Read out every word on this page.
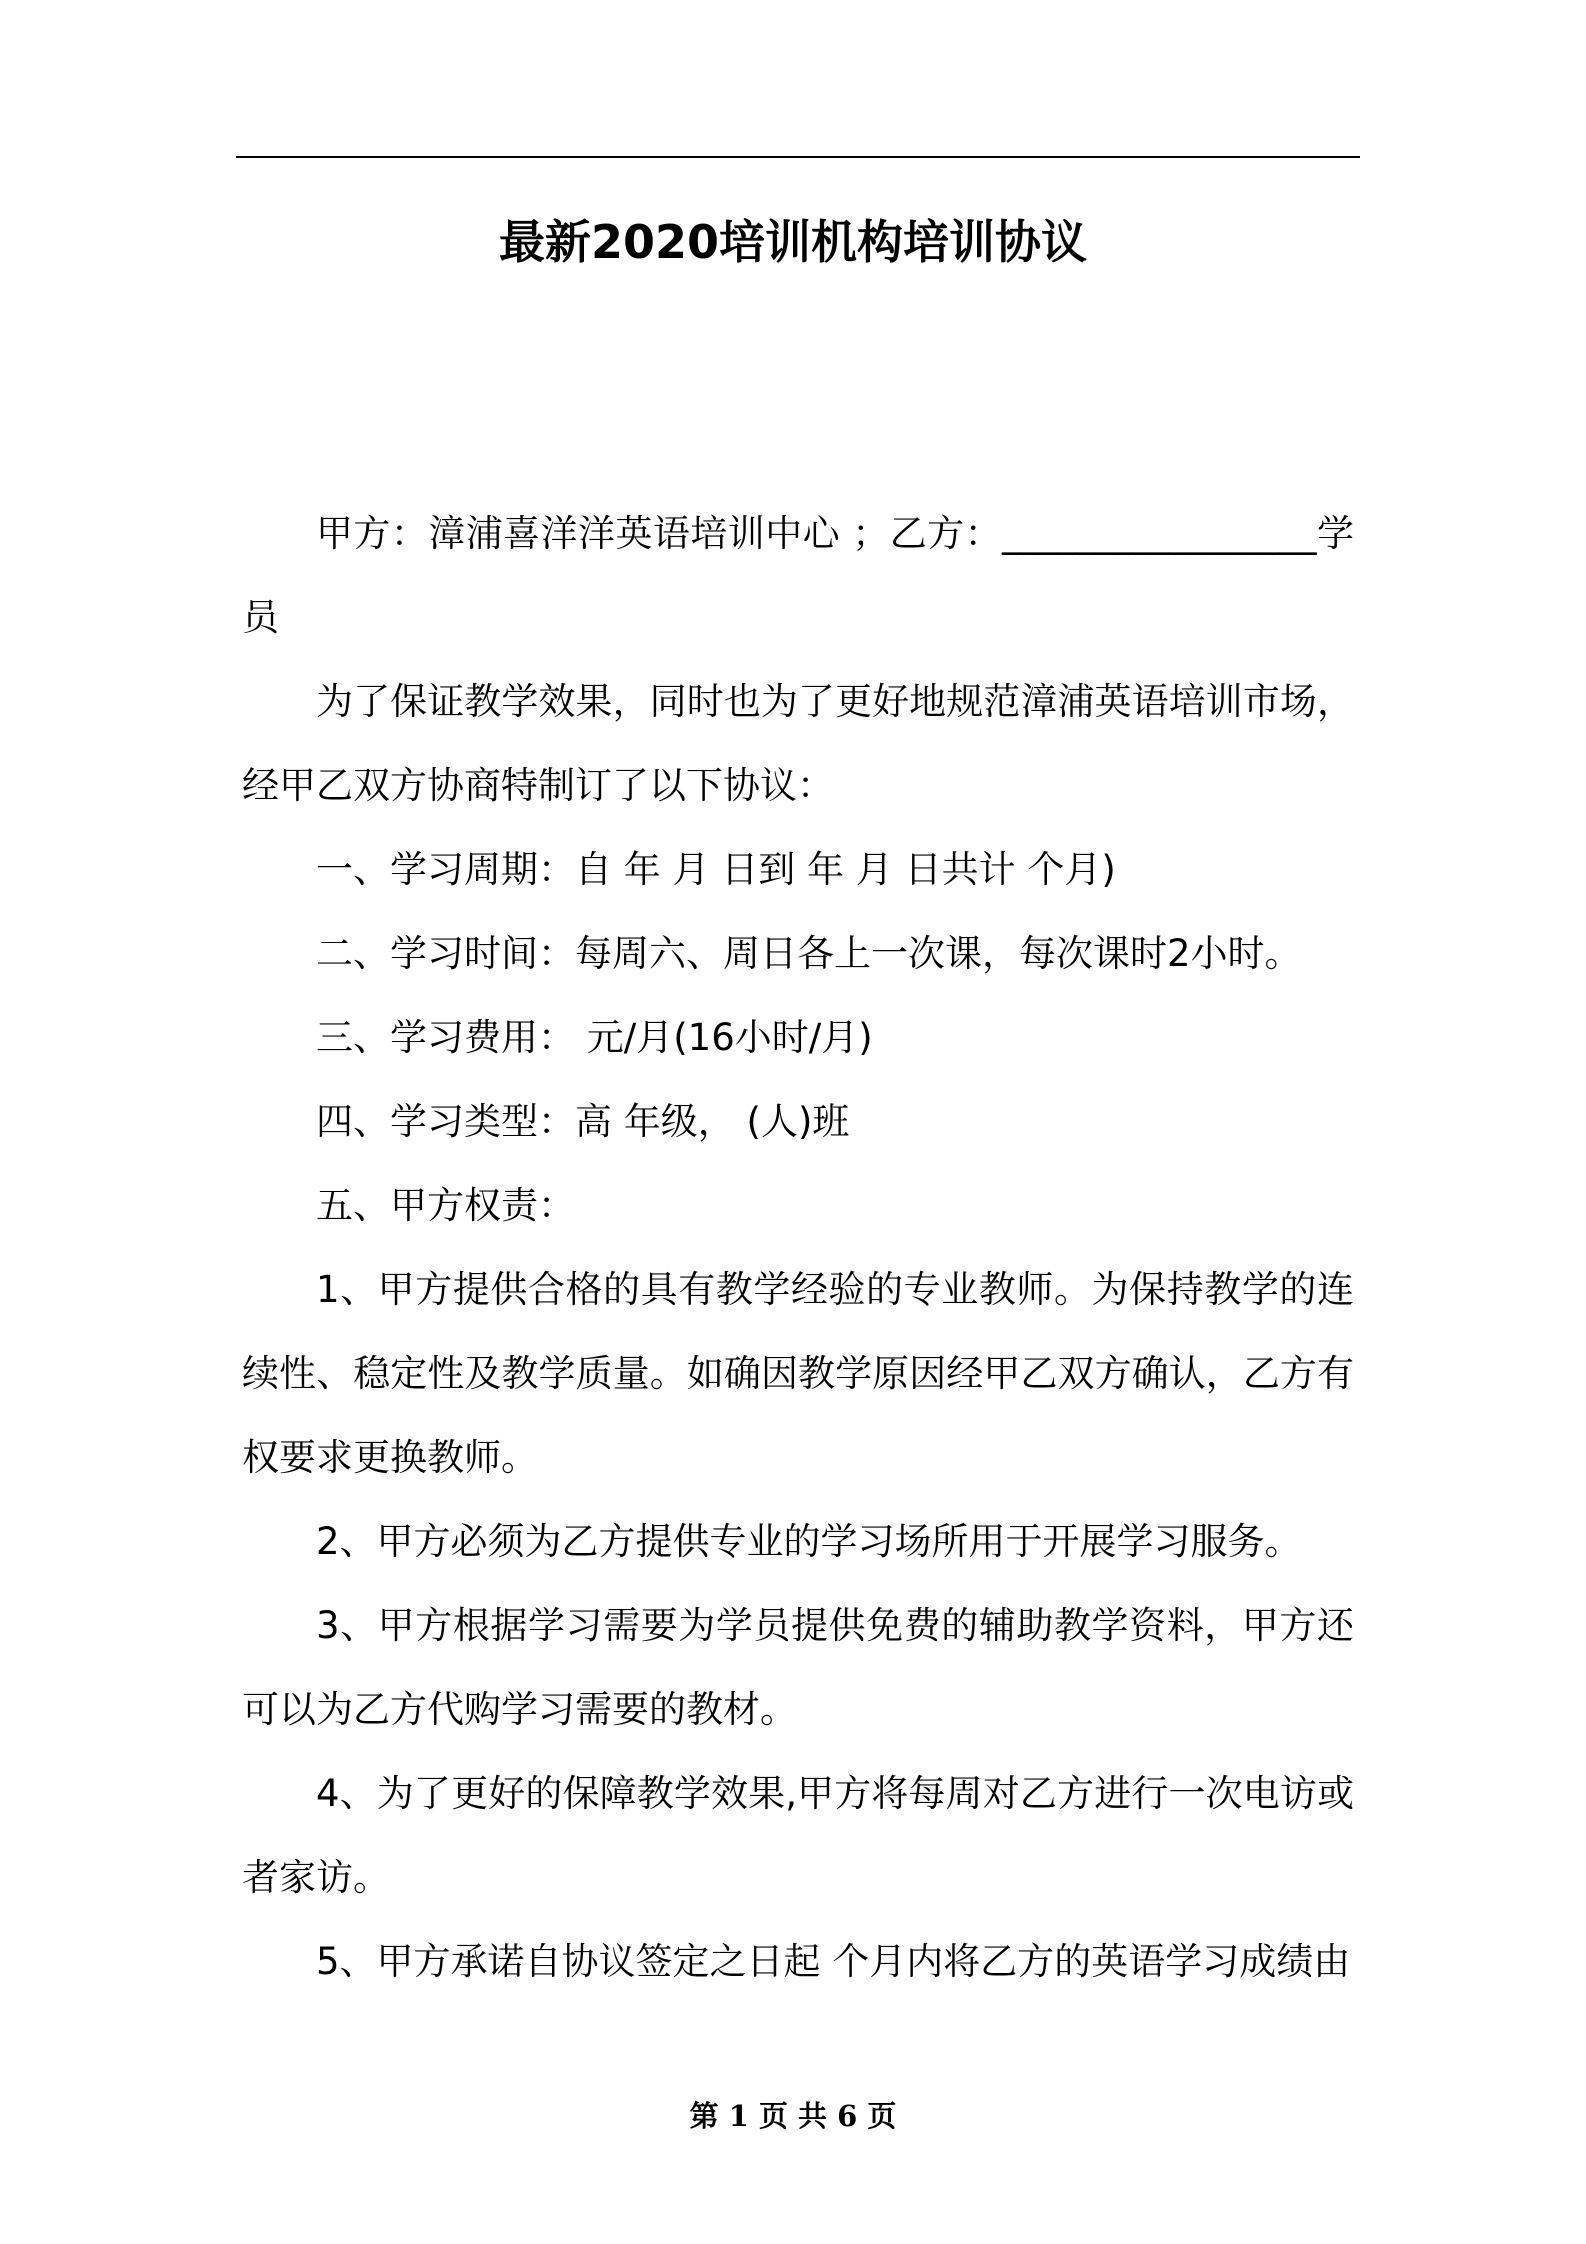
最新2020培训机构培训协议

甲方：漳浦喜洋洋英语培训中心 ；乙方：_________________学员

为了保证教学效果，同时也为了更好地规范漳浦英语培训市场，经甲乙双方协商特制订了以下协议：

一、学习周期：自 年 月 日到 年 月 日共计 个月)

二、学习时间：每周六、周日各上一次课，每次课时2小时。

三、学习费用： 元/月(16小时/月)

四、学习类型：高 年级， (人)班

五、甲方权责：

1、甲方提供合格的具有教学经验的专业教师。为保持教学的连续性、稳定性及教学质量。如确因教学原因经甲乙双方确认，乙方有权要求更换教师。

2、甲方必须为乙方提供专业的学习场所用于开展学习服务。

3、甲方根据学习需要为学员提供免费的辅助教学资料，甲方还可以为乙方代购学习需要的教材。

4、为了更好的保障教学效果,甲方将每周对乙方进行一次电访或者家访。

5、甲方承诺自协议签定之日起 个月内将乙方的英语学习成绩由

第 1 页 共 6 页
